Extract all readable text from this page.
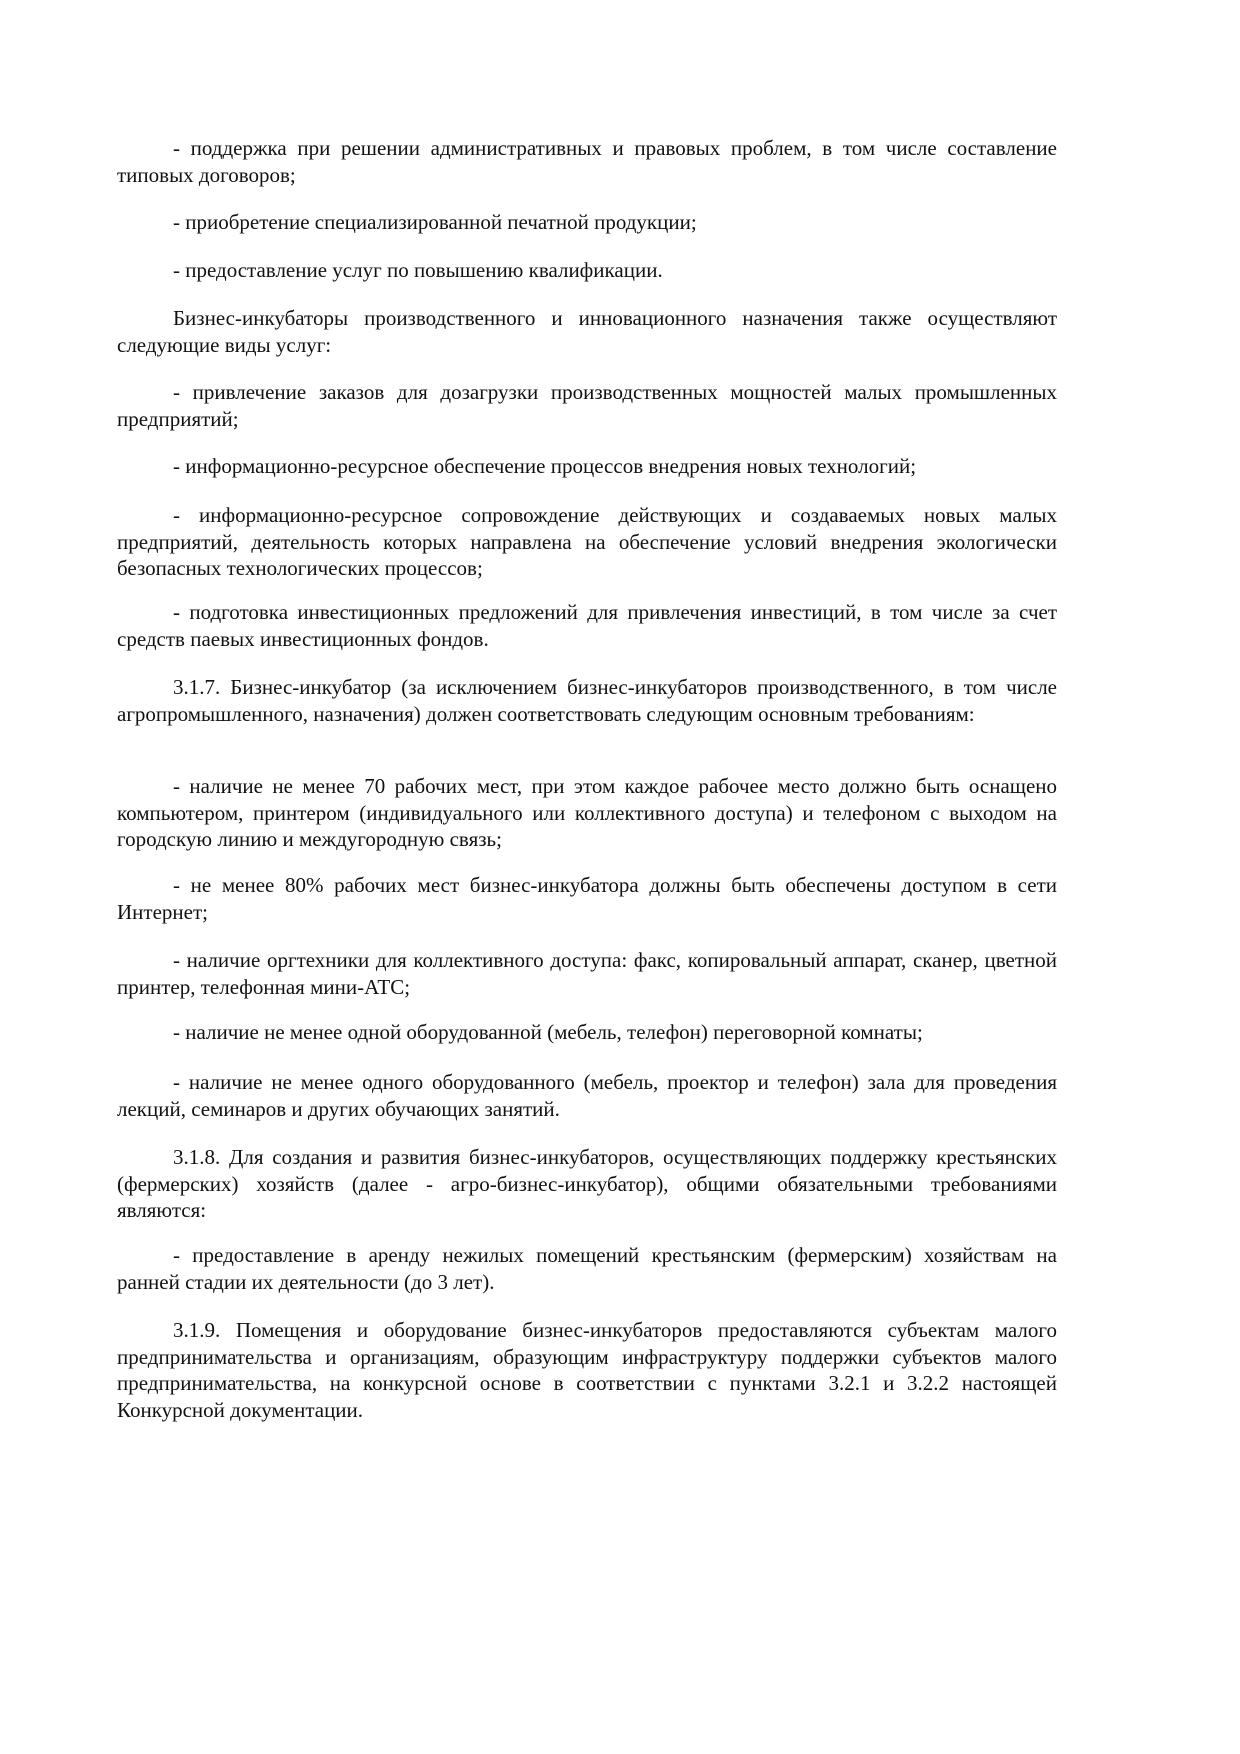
- поддержка при решении административных и правовых проблем, в том числе составление типовых договоров;

- приобретение специализированной печатной продукции;

- предоставление услуг по повышению квалификации.

Бизнес-инкубаторы производственного и инновационного назначения также осуществляют следующие виды услуг:

- привлечение заказов для дозагрузки производственных мощностей малых промышленных предприятий;

- информационно-ресурсное обеспечение процессов внедрения новых технологий;

- информационно-ресурсное сопровождение действующих и создаваемых новых малых предприятий, деятельность которых направлена на обеспечение условий внедрения экологически безопасных технологических процессов;

- подготовка инвестиционных предложений для привлечения инвестиций, в том числе за счет средств паевых инвестиционных фондов.

3.1.7. Бизнес-инкубатор (за исключением бизнес-инкубаторов производственного, в том числе агропромышленного, назначения) должен соответствовать следующим основным требованиям:

- наличие не менее 70 рабочих мест, при этом каждое рабочее место должно быть оснащено компьютером, принтером (индивидуального или коллективного доступа) и телефоном с выходом на городскую линию и междугородную связь;

- не менее 80% рабочих мест бизнес-инкубатора должны быть обеспечены доступом в сети Интернет;

- наличие оргтехники для коллективного доступа: факс, копировальный аппарат, сканер, цветной принтер, телефонная мини-АТС;

- наличие не менее одной оборудованной (мебель, телефон) переговорной комнаты;

- наличие не менее одного оборудованного (мебель, проектор и телефон) зала для проведения лекций, семинаров и других обучающих занятий.

3.1.8. Для создания и развития бизнес-инкубаторов, осуществляющих поддержку крестьянских (фермерских) хозяйств (далее - агро-бизнес-инкубатор), общими обязательными требованиями являются:

- предоставление в аренду нежилых помещений крестьянским (фермерским) хозяйствам на ранней стадии их деятельности (до 3 лет).

3.1.9. Помещения и оборудование бизнес-инкубаторов предоставляются субъектам малого предпринимательства и организациям, образующим инфраструктуру поддержки субъектов малого предпринимательства, на конкурсной основе в соответствии с пунктами 3.2.1 и 3.2.2 настоящей Конкурсной документации.
